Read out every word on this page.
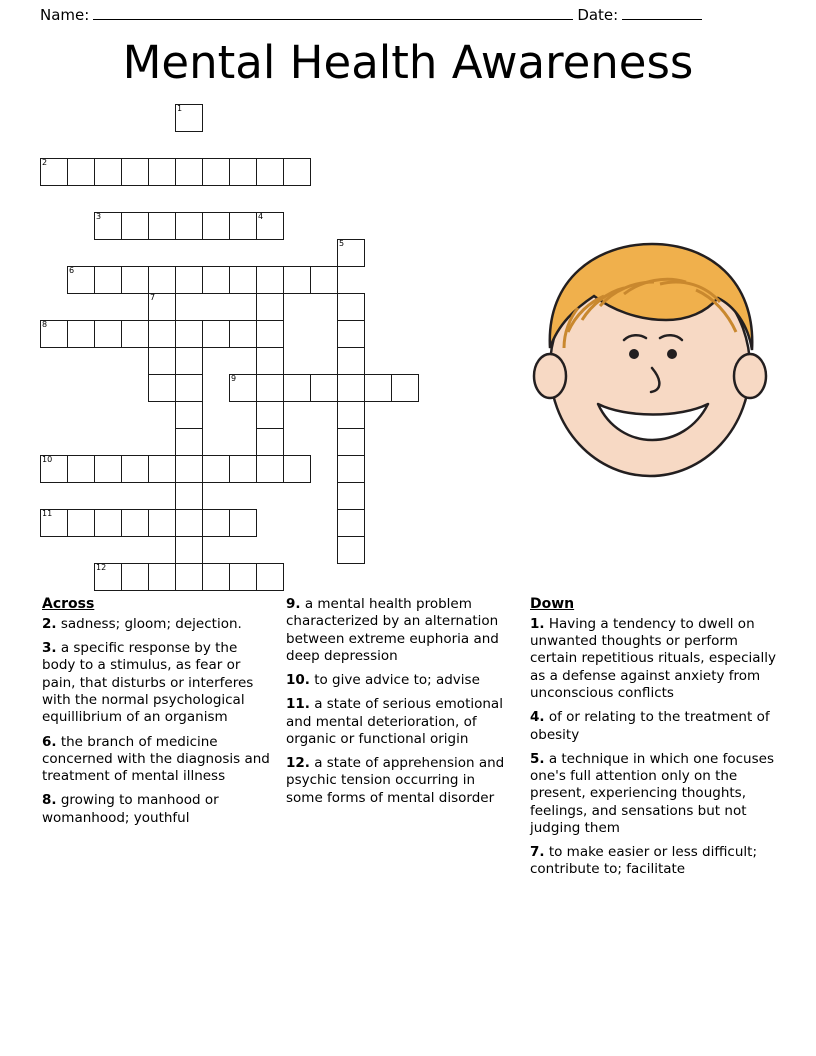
Name:	Date:
Mental Health Awareness
1
2
3	4
5
6
7
8
9
10
11
12
Across
2. sadness; gloom; dejection.
3. a specific response by the body to a stimulus, as fear or pain, that disturbs or interferes with the normal psychological equillibrium of an organism
6. the branch of medicine concerned with the diagnosis and treatment of mental illness
8. growing to manhood or womanhood; youthful
9. a mental health problem characterized by an alternation between extreme euphoria and deep depression
10. to give advice to; advise
11. a state of serious emotional and mental deterioration, of organic or functional origin
12. a state of apprehension and psychic tension occurring in some forms of mental disorder
Down
1. Having a tendency to dwell on unwanted thoughts or perform certain repetitious rituals, especially as a defense against anxiety from unconscious conflicts
4. of or relating to the treatment of obesity
5. a technique in which one focuses one's full attention only on the present, experiencing thoughts, feelings, and sensations but not judging them
7. to make easier or less difficult; contribute to; facilitate
